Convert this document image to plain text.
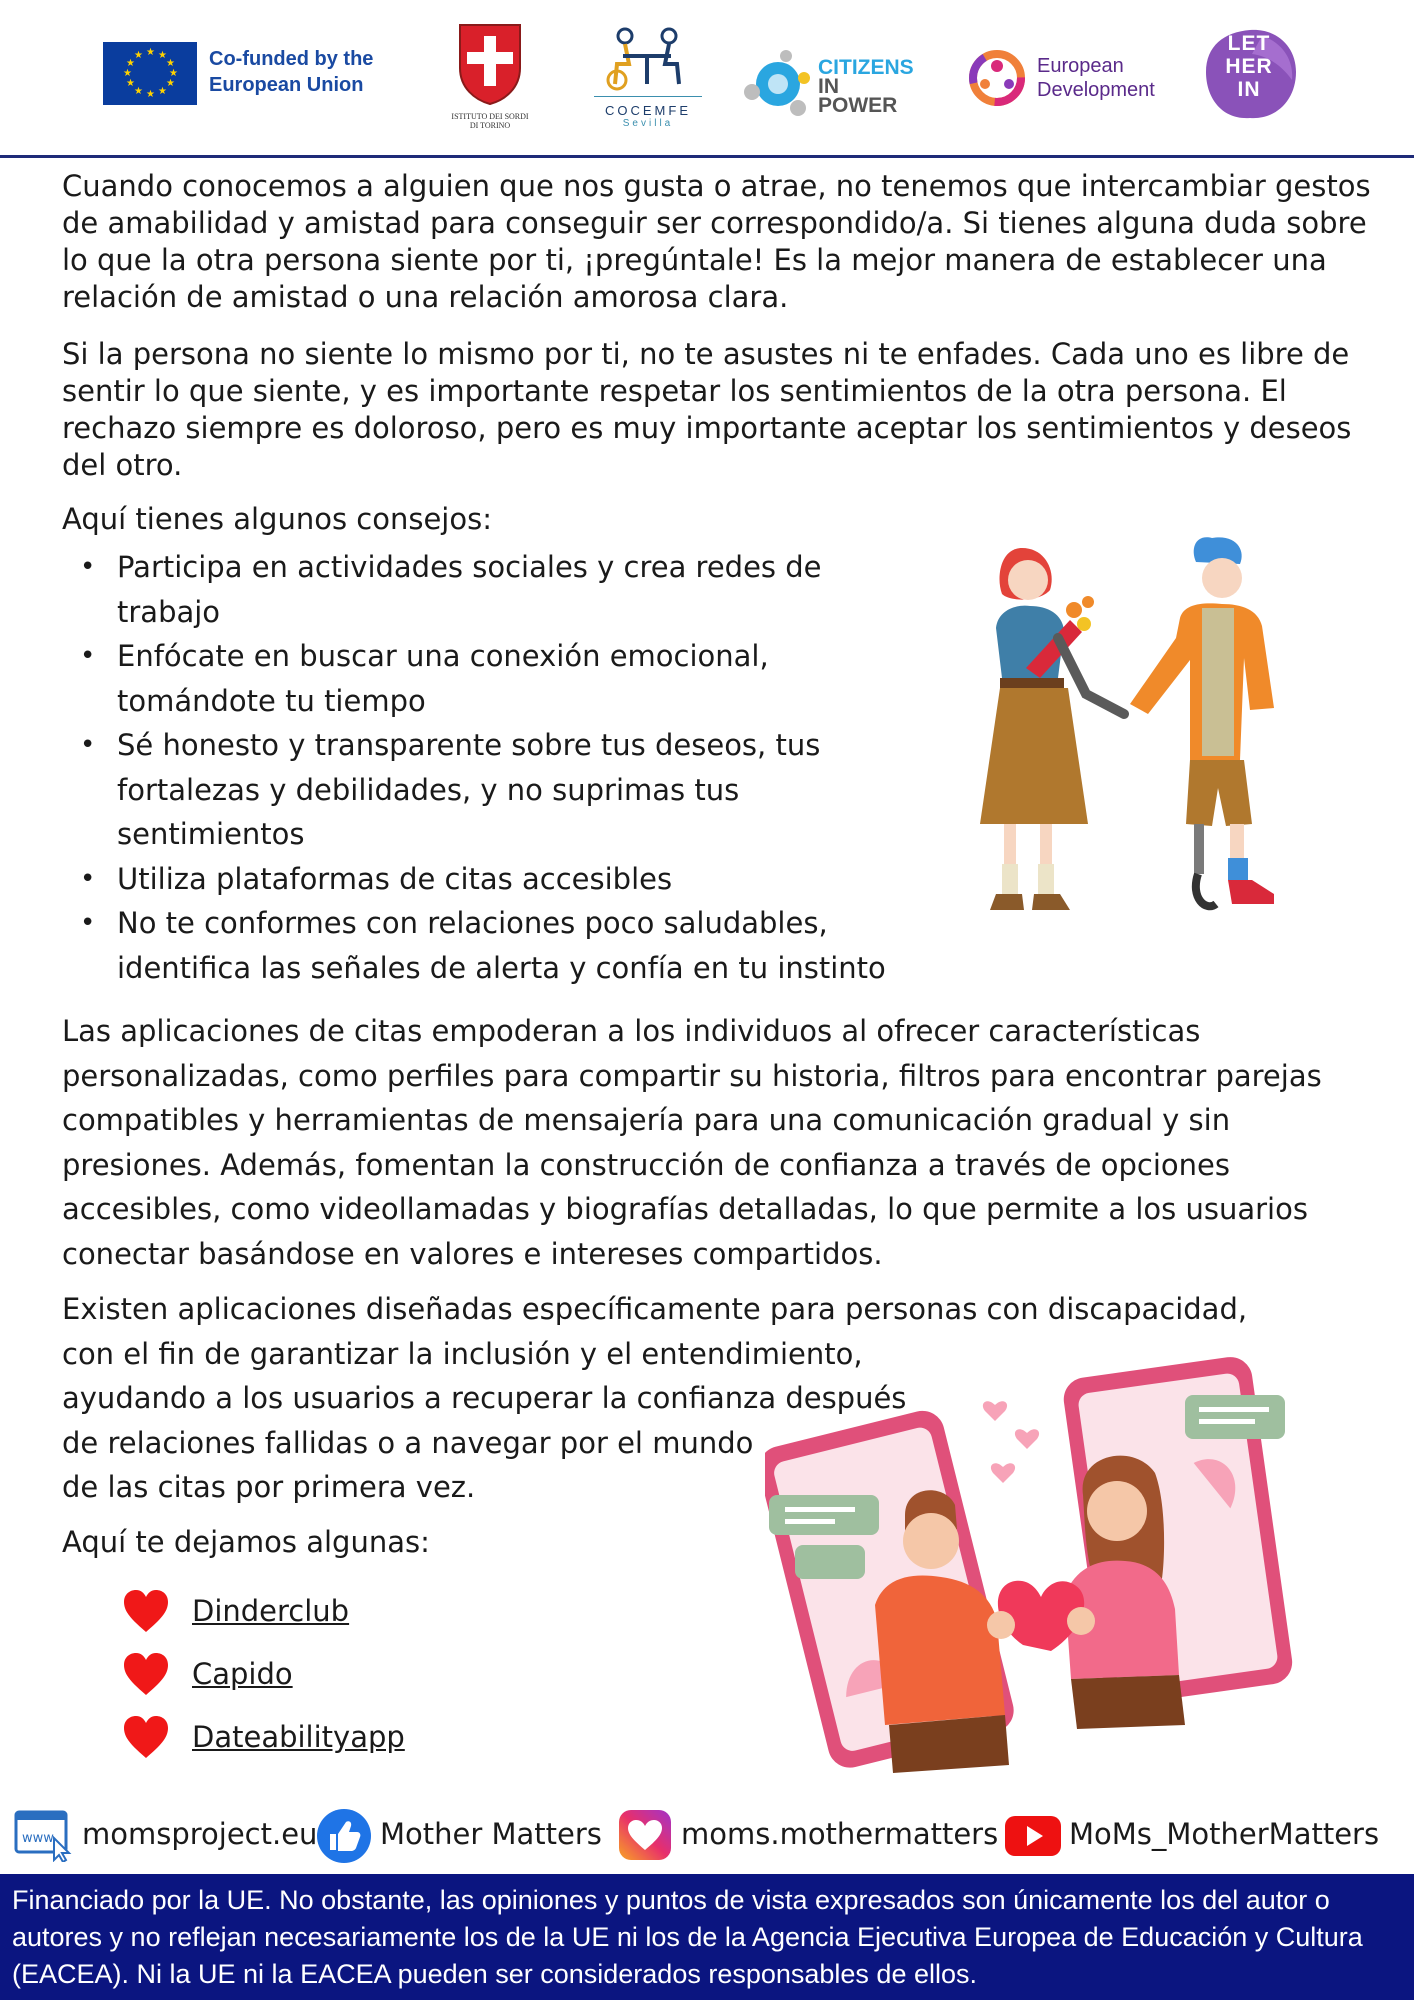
★ ★
★
★
★
★
★
★
★
★
★
★	Co-funded by the European Union
ISTITUTO DEI SORDI DI TORINO
COCEMFE
Sevilla
CITIZENS
IN POWER
European
Development
LET
HER
IN

Cuando conocemos a alguien que nos gusta o atrae, no tenemos que intercambiar gestos de amabilidad y amistad para conseguir ser correspondido/a. Si tienes alguna duda sobre lo que la otra persona siente por ti, ¡pregúntale! Es la mejor manera de establecer una relación de amistad o una relación amorosa clara.

Si la persona no siente lo mismo por ti, no te asustes ni te enfades. Cada uno es libre de sentir lo que siente, y es importante respetar los sentimientos de la otra persona. El rechazo siempre es doloroso, pero es muy importante aceptar los sentimientos y deseos del otro.

Aquí tienes algunos consejos:

• Participa en actividades sociales y crea redes de trabajo
• Enfócate en buscar una conexión emocional, tomándote tu tiempo
• Sé honesto y transparente sobre tus deseos, tus fortalezas y debilidades, y no suprimas tus sentimientos
• Utiliza plataformas de citas accesibles
• No te conformes con relaciones poco saludables, identifica las señales de alerta y confía en tu instinto

Las aplicaciones de citas empoderan a los individuos al ofrecer características personalizadas, como perfiles para compartir su historia, filtros para encontrar parejas compatibles y herramientas de mensajería para una comunicación gradual y sin presiones. Además, fomentan la construcción de confianza a través de opciones accesibles, como videollamadas y biografías detalladas, lo que permite a los usuarios conectar basándose en valores e intereses compartidos.

Existen aplicaciones diseñadas específicamente para personas con discapacidad,
con el fin de garantizar la inclusión y el entendimiento,
ayudando a los usuarios a recuperar la confianza después
de relaciones fallidas o a navegar por el mundo
de las citas por primera vez.

Aquí te dejamos algunas:

Dinderclub
Capido
Dateabilityapp
www momsproject.eu Mother Matters	moms.mothermatters MoMs_MotherMatters

Financiado por la UE. No obstante, las opiniones y puntos de vista expresados son únicamente los del autor o autores y no reflejan necesariamente los de la UE ni los de la Agencia Ejecutiva Europea de Educación y Cultura (EACEA). Ni la UE ni la EACEA pueden ser considerados responsables de ellos.
